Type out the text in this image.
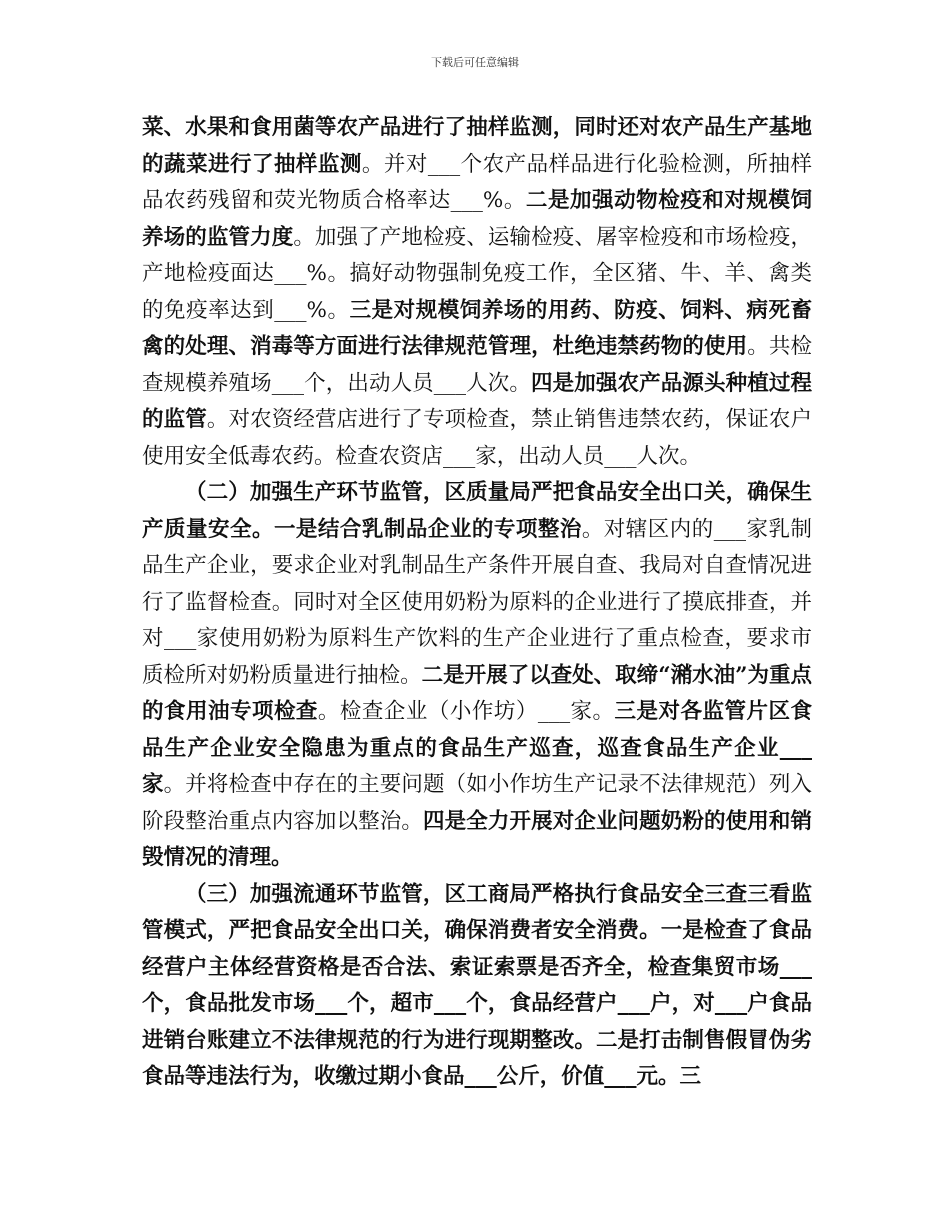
下载后可任意编辑

菜、水果和食用菌等农产品进行了抽样监测，同时还对农产品生产基地的蔬菜进行了抽样监测。并对___个农产品样品进行化验检测，所抽样品农药残留和荧光物质合格率达___%。二是加强动物检疫和对规模饲养场的监管力度。加强了产地检疫、运输检疫、屠宰检疫和市场检疫，产地检疫面达___%。搞好动物强制免疫工作，全区猪、牛、羊、禽类的免疫率达到___%。三是对规模饲养场的用药、防疫、饲料、病死畜禽的处理、消毒等方面进行法律规范管理，杜绝违禁药物的使用。共检查规模养殖场___个，出动人员___人次。四是加强农产品源头种植过程的监管。对农资经营店进行了专项检查，禁止销售违禁农药，保证农户使用安全低毒农药。检查农资店___家，出动人员___人次。

（二）加强生产环节监管，区质量局严把食品安全出口关，确保生产质量安全。一是结合乳制品企业的专项整治。对辖区内的___家乳制品生产企业，要求企业对乳制品生产条件开展自查、我局对自查情况进行了监督检查。同时对全区使用奶粉为原料的企业进行了摸底排查，并对___家使用奶粉为原料生产饮料的生产企业进行了重点检查，要求市质检所对奶粉质量进行抽检。二是开展了以查处、取缔“潲水油”为重点的食用油专项检查。检查企业（小作坊）___家。三是对各监管片区食品生产企业安全隐患为重点的食品生产巡查，巡查食品生产企业___家。并将检查中存在的主要问题（如小作坊生产记录不法律规范）列入阶段整治重点内容加以整治。四是全力开展对企业问题奶粉的使用和销毁情况的清理。

（三）加强流通环节监管，区工商局严格执行食品安全三查三看监管模式，严把食品安全出口关，确保消费者安全消费。一是检查了食品经营户主体经营资格是否合法、索证索票是否齐全，检查集贸市场___个，食品批发市场___个，超市___个，食品经营户___户，对___户食品进销台账建立不法律规范的行为进行现期整改。二是打击制售假冒伪劣食品等违法行为，收缴过期小食品___公斤，价值___元。三
